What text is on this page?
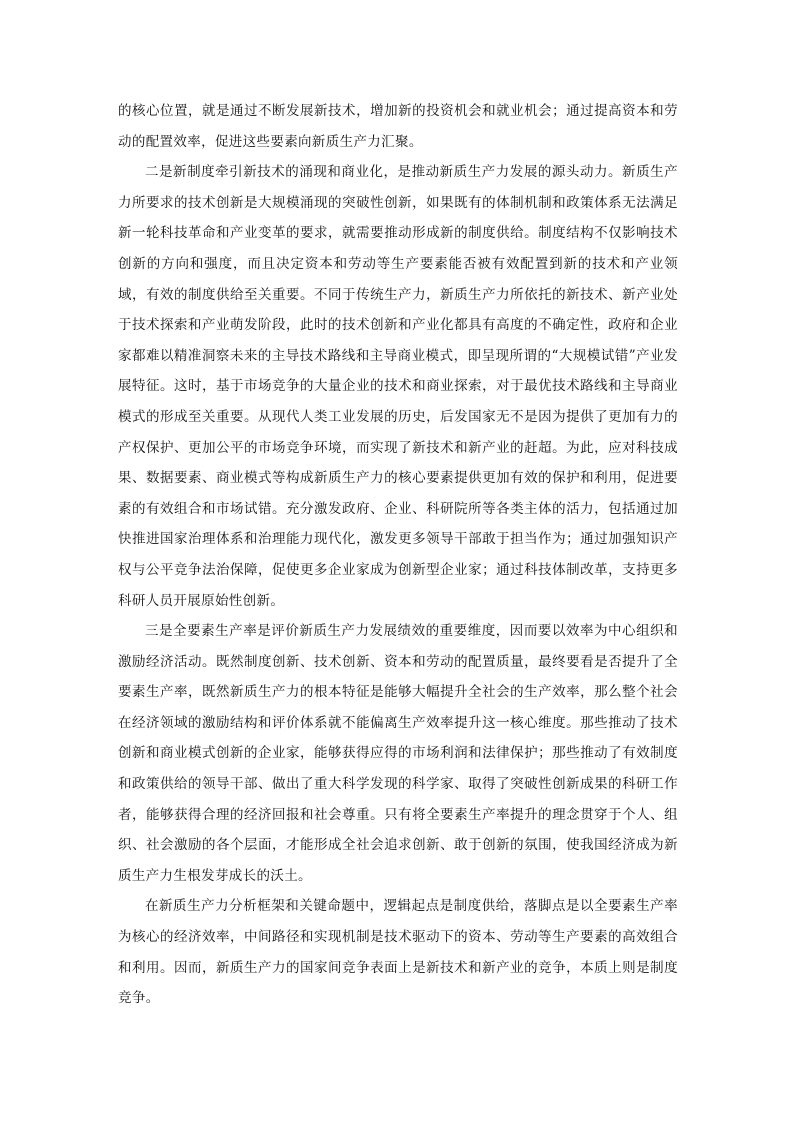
的核心位置，就是通过不断发展新技术，增加新的投资机会和就业机会；通过提高资本和劳动的配置效率，促进这些要素向新质生产力汇聚。

二是新制度牵引新技术的涌现和商业化，是推动新质生产力发展的源头动力。新质生产力所要求的技术创新是大规模涌现的突破性创新，如果既有的体制机制和政策体系无法满足新一轮科技革命和产业变革的要求，就需要推动形成新的制度供给。制度结构不仅影响技术创新的方向和强度，而且决定资本和劳动等生产要素能否被有效配置到新的技术和产业领域，有效的制度供给至关重要。不同于传统生产力，新质生产力所依托的新技术、新产业处于技术探索和产业萌发阶段，此时的技术创新和产业化都具有高度的不确定性，政府和企业家都难以精准洞察未来的主导技术路线和主导商业模式，即呈现所谓的“大规模试错”产业发展特征。这时，基于市场竞争的大量企业的技术和商业探索，对于最优技术路线和主导商业模式的形成至关重要。从现代人类工业发展的历史，后发国家无不是因为提供了更加有力的产权保护、更加公平的市场竞争环境，而实现了新技术和新产业的赶超。为此，应对科技成果、数据要素、商业模式等构成新质生产力的核心要素提供更加有效的保护和利用，促进要素的有效组合和市场试错。充分激发政府、企业、科研院所等各类主体的活力，包括通过加快推进国家治理体系和治理能力现代化，激发更多领导干部敢于担当作为；通过加强知识产权与公平竞争法治保障，促使更多企业家成为创新型企业家；通过科技体制改革，支持更多科研人员开展原始性创新。

三是全要素生产率是评价新质生产力发展绩效的重要维度，因而要以效率为中心组织和激励经济活动。既然制度创新、技术创新、资本和劳动的配置质量，最终要看是否提升了全要素生产率，既然新质生产力的根本特征是能够大幅提升全社会的生产效率，那么整个社会在经济领域的激励结构和评价体系就不能偏离生产效率提升这一核心维度。那些推动了技术创新和商业模式创新的企业家，能够获得应得的市场利润和法律保护；那些推动了有效制度和政策供给的领导干部、做出了重大科学发现的科学家、取得了突破性创新成果的科研工作者，能够获得合理的经济回报和社会尊重。只有将全要素生产率提升的理念贯穿于个人、组织、社会激励的各个层面，才能形成全社会追求创新、敢于创新的氛围，使我国经济成为新质生产力生根发芽成长的沃土。

在新质生产力分析框架和关键命题中，逻辑起点是制度供给，落脚点是以全要素生产率为核心的经济效率，中间路径和实现机制是技术驱动下的资本、劳动等生产要素的高效组合和利用。因而，新质生产力的国家间竞争表面上是新技术和新产业的竞争，本质上则是制度竞争。
